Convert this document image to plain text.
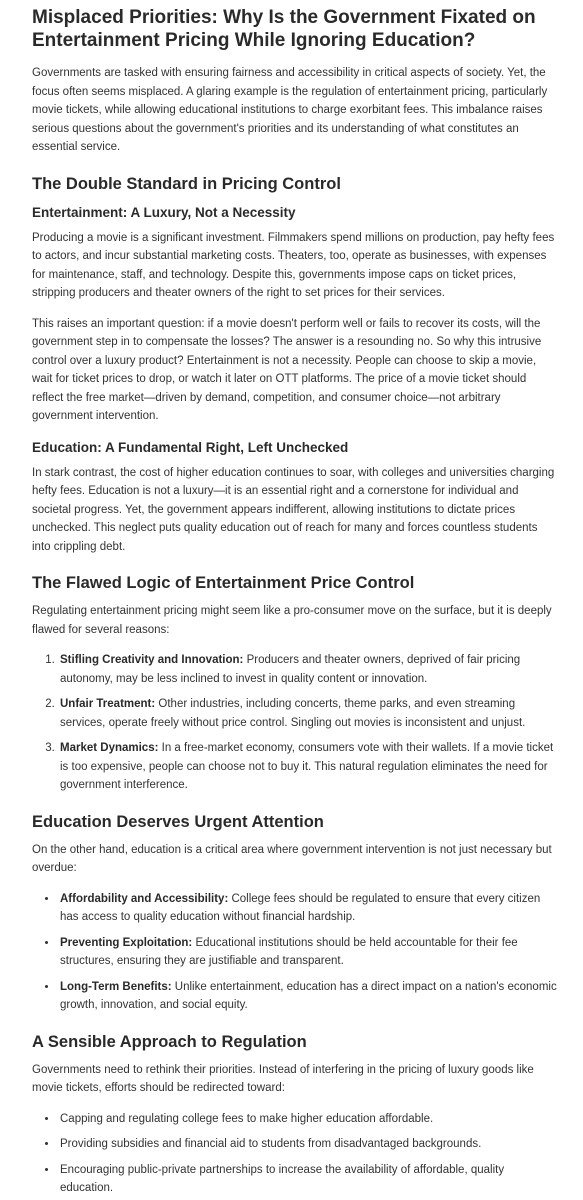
Misplaced Priorities: Why Is the Government Fixated on Entertainment Pricing While Ignoring Education?

Governments are tasked with ensuring fairness and accessibility in critical aspects of society. Yet, the focus often seems misplaced. A glaring example is the regulation of entertainment pricing, particularly movie tickets, while allowing educational institutions to charge exorbitant fees. This imbalance raises serious questions about the government's priorities and its understanding of what constitutes an essential service.

The Double Standard in Pricing Control
Entertainment: A Luxury, Not a Necessity

Producing a movie is a significant investment. Filmmakers spend millions on production, pay hefty fees to actors, and incur substantial marketing costs. Theaters, too, operate as businesses, with expenses for maintenance, staff, and technology. Despite this, governments impose caps on ticket prices, stripping producers and theater owners of the right to set prices for their services.

This raises an important question: if a movie doesn't perform well or fails to recover its costs, will the government step in to compensate the losses? The answer is a resounding no. So why this intrusive control over a luxury product? Entertainment is not a necessity. People can choose to skip a movie, wait for ticket prices to drop, or watch it later on OTT platforms. The price of a movie ticket should reflect the free market—driven by demand, competition, and consumer choice—not arbitrary government intervention.

Education: A Fundamental Right, Left Unchecked

In stark contrast, the cost of higher education continues to soar, with colleges and universities charging hefty fees. Education is not a luxury—it is an essential right and a cornerstone for individual and societal progress. Yet, the government appears indifferent, allowing institutions to dictate prices unchecked. This neglect puts quality education out of reach for many and forces countless students into crippling debt.

The Flawed Logic of Entertainment Price Control

Regulating entertainment pricing might seem like a pro-consumer move on the surface, but it is deeply flawed for several reasons:

1. Stifling Creativity and Innovation: Producers and theater owners, deprived of fair pricing autonomy, may be less inclined to invest in quality content or innovation.
2. Unfair Treatment: Other industries, including concerts, theme parks, and even streaming services, operate freely without price control. Singling out movies is inconsistent and unjust.
3. Market Dynamics: In a free-market economy, consumers vote with their wallets. If a movie ticket is too expensive, people can choose not to buy it. This natural regulation eliminates the need for government interference.
Education Deserves Urgent Attention

On the other hand, education is a critical area where government intervention is not just necessary but overdue:

• Affordability and Accessibility: College fees should be regulated to ensure that every citizen has access to quality education without financial hardship.
• Preventing Exploitation: Educational institutions should be held accountable for their fee structures, ensuring they are justifiable and transparent.
• Long-Term Benefits: Unlike entertainment, education has a direct impact on a nation's economic growth, innovation, and social equity.
A Sensible Approach to Regulation

Governments need to rethink their priorities. Instead of interfering in the pricing of luxury goods like movie tickets, efforts should be redirected toward:

• Capping and regulating college fees to make higher education affordable.
• Providing subsidies and financial aid to students from disadvantaged backgrounds.
• Encouraging public-private partnerships to increase the availability of affordable, quality education.
